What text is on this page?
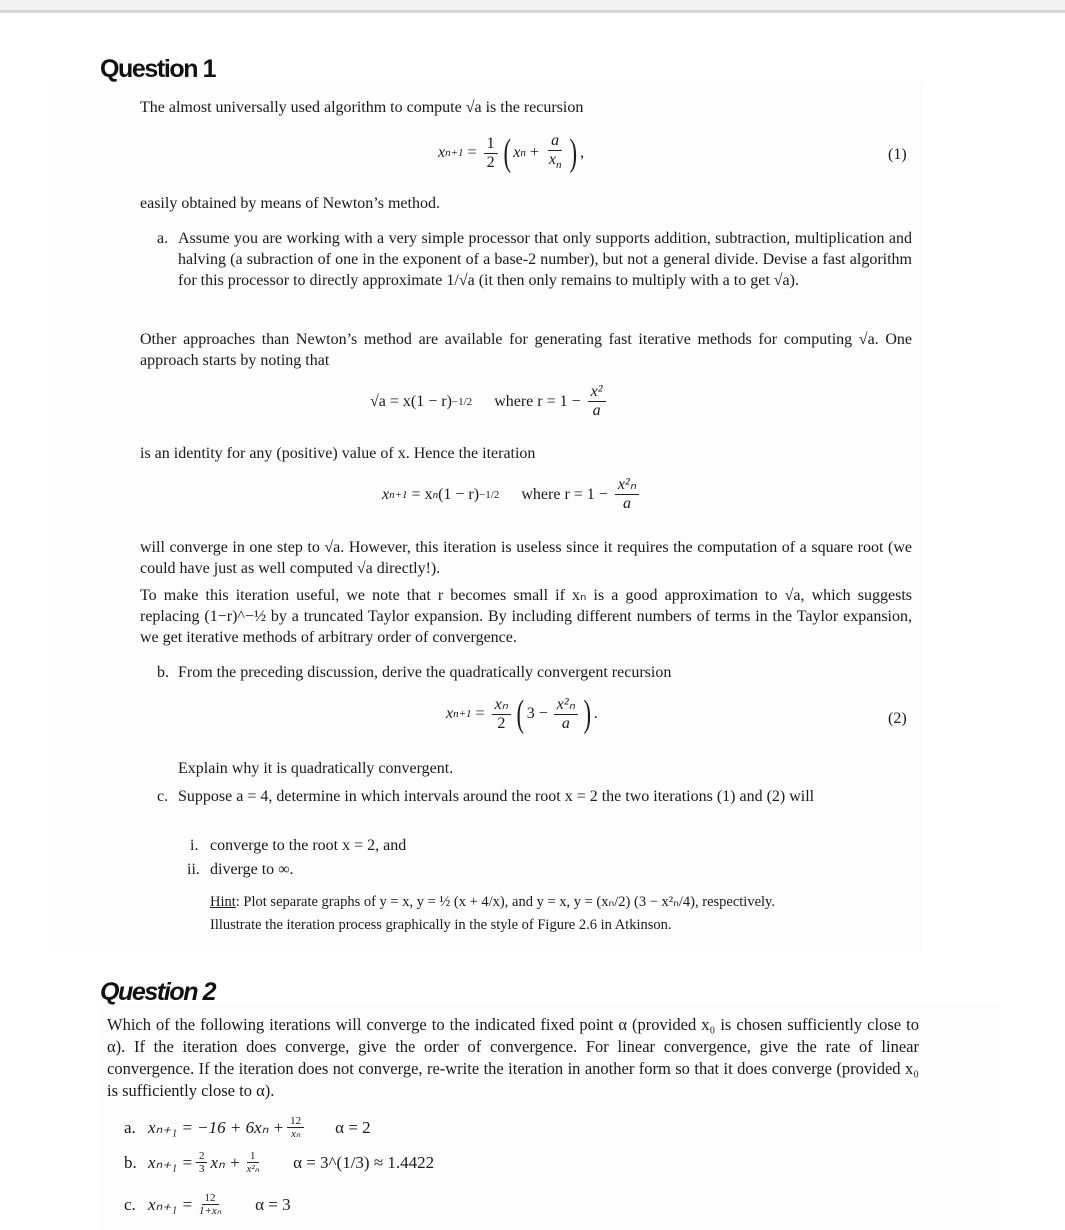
Question 1
The almost universally used algorithm to compute √a is the recursion
x $n+1 = \frac{1}{2}$ ( x $n + \frac{a}{x_n}$ ) ,	(1)
easily obtained by means of Newton’s method.
a. Assume you are working with a very simple processor that only supports addition, subtraction, multiplication and halving (a subraction of one in the exponent of a base-2 number), but not a general divide. Devise a fast algorithm for this processor to directly approximate 1/√a (it then only remains to multiply with a to get √a).
Other approaches than Newton’s method are available for generating fast iterative methods for computing √a. One approach starts by noting that
√a = x(1 − r) −1/2 where $r = 1 - \frac{\text{x²}}{a}$
is an identity for any (positive) value of x. Hence the iteration
x n+1 = x n (1 − r) −1/2 where $r = 1 - \frac{\text{x²ₙ}}{a}$
will converge in one step to √a. However, this iteration is useless since it requires the computation of a square root (we could have just as well computed √a directly!).
To make this iteration useful, we note that r becomes small if xₙ is a good approximation to √a, which suggests replacing (1−r)^−½ by a truncated Taylor expansion. By including different numbers of terms in the Taylor expansion, we get iterative methods of arbitrary order of convergence.
b. From the preceding discussion, derive the quadratically convergent recursion
x $n+1 = \frac{\text{xₙ}}{2}$ ( $3 - \frac{\text{x²ₙ}}{a}$ ) .	(2)
Explain why it is quadratically convergent.
c. Suppose a = 4, determine in which intervals around the root x = 2 the two iterations (1) and (2) will
i. converge to the root x = 2, and
ii. diverge to ∞.
Hint: Plot separate graphs of y = x, y = ½ (x + 4/x), and y = x, y = (xₙ/2) (3 − x²ₙ/4), respectively.
Illustrate the iteration process graphically in the style of Figure 2.6 in Atkinson.
Question 2
Which of the following iterations will converge to the indicated fixed point α (provided x₀ is chosen sufficiently close to α). If the iteration does converge, give the order of convergence. For linear convergence, give the rate of linear convergence. If the iteration does not converge, re-write the iteration in another form so that it does converge (provided x₀ is sufficiently close to α).
a. $x_{n+1} = -16 + 6x_n + \frac{12}{\text{xₙ}}$ α = 2
b. $x_{n+1} = \frac{2}{3}$ $x_n + \frac{1}{\text{x²ₙ}}$ α = 3^(1/3) ≈ 1.4422
c. $x_{n+1} = \frac{12}{\text{1+xₙ}}$ α = 3
